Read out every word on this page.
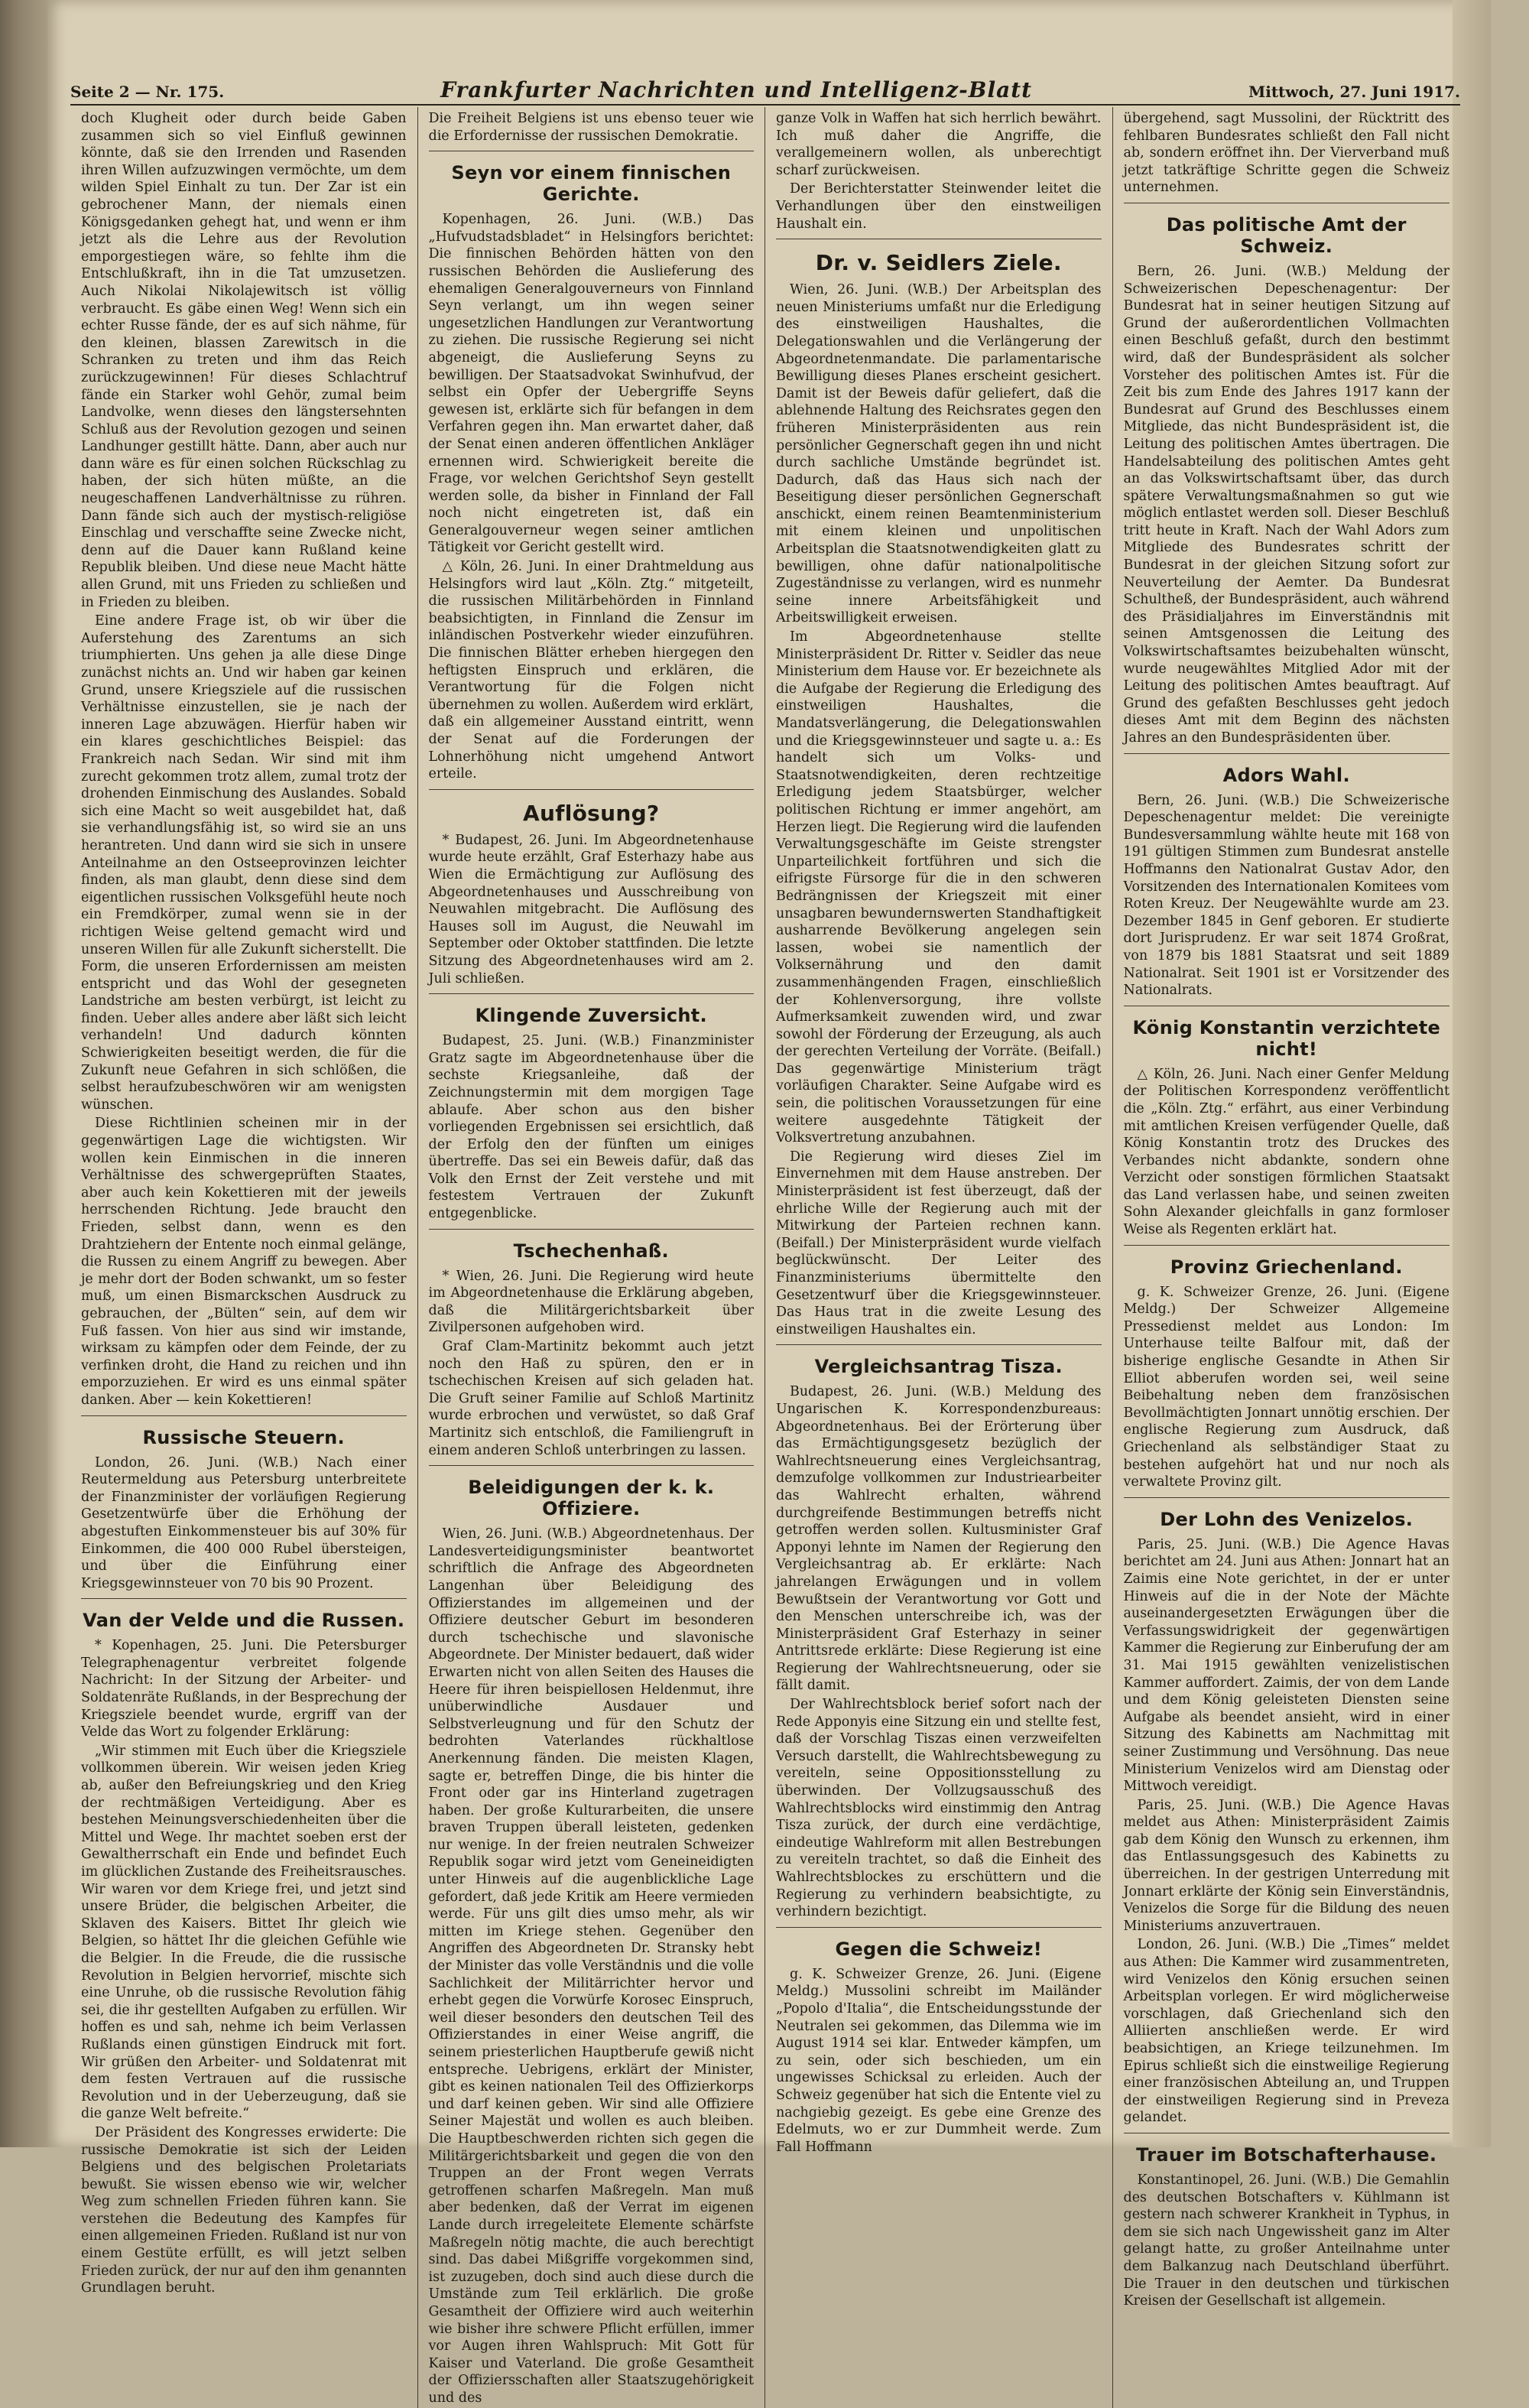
Seite 2 — Nr. 175.	Frankfurter Nachrichten und Intelligenz-Blatt	Mittwoch, 27. Juni 1917.

doch Klugheit oder durch beide Gaben zusammen sich so viel Einfluß gewinnen könnte, daß sie den Irrenden und Rasenden ihren Willen aufzuzwingen vermöchte, um dem wilden Spiel Einhalt zu tun. Der Zar ist ein gebrochener Mann, der niemals einen Königsgedanken gehegt hat, und wenn er ihm jetzt als die Lehre aus der Revolution emporgestiegen wäre, so fehlte ihm die Entschlußkraft, ihn in die Tat umzusetzen. Auch Nikolai Nikolajewitsch ist völlig verbraucht. Es gäbe einen Weg! Wenn sich ein echter Russe fände, der es auf sich nähme, für den kleinen, blassen Zarewitsch in die Schranken zu treten und ihm das Reich zurückzugewinnen! Für dieses Schlachtruf fände ein Starker wohl Gehör, zumal beim Landvolke, wenn dieses den längstersehnten Schluß aus der Revolution gezogen und seinen Landhunger gestillt hätte. Dann, aber auch nur dann wäre es für einen solchen Rückschlag zu haben, der sich hüten müßte, an die neugeschaffenen Landverhältnisse zu rühren. Dann fände sich auch der mystisch-religiöse Einschlag und verschaffte seine Zwecke nicht, denn auf die Dauer kann Rußland keine Republik bleiben. Und diese neue Macht hätte allen Grund, mit uns Frieden zu schließen und in Frieden zu bleiben.

Eine andere Frage ist, ob wir über die Auferstehung des Zarentums an sich triumphierten. Uns gehen ja alle diese Dinge zunächst nichts an. Und wir haben gar keinen Grund, unsere Kriegsziele auf die russischen Verhältnisse einzustellen, sie je nach der inneren Lage abzuwägen. Hierfür haben wir ein klares geschichtliches Beispiel: das Frankreich nach Sedan. Wir sind mit ihm zurecht gekommen trotz allem, zumal trotz der drohenden Einmischung des Auslandes. Sobald sich eine Macht so weit ausgebildet hat, daß sie verhandlungsfähig ist, so wird sie an uns herantreten. Und dann wird sie sich in unsere Anteilnahme an den Ostseeprovinzen leichter finden, als man glaubt, denn diese sind dem eigentlichen russischen Volksgefühl heute noch ein Fremdkörper, zumal wenn sie in der richtigen Weise geltend gemacht wird und unseren Willen für alle Zukunft sicherstellt. Die Form, die unseren Erfordernissen am meisten entspricht und das Wohl der gesegneten Landstriche am besten verbürgt, ist leicht zu finden. Ueber alles andere aber läßt sich leicht verhandeln! Und dadurch könnten Schwierigkeiten beseitigt werden, die für die Zukunft neue Gefahren in sich schlößen, die selbst heraufzubeschwören wir am wenigsten wünschen.

Diese Richtlinien scheinen mir in der gegenwärtigen Lage die wichtigsten. Wir wollen kein Einmischen in die inneren Verhältnisse des schwergeprüften Staates, aber auch kein Kokettieren mit der jeweils herrschenden Richtung. Jede braucht den Frieden, selbst dann, wenn es den Drahtziehern der Entente noch einmal gelänge, die Russen zu einem Angriff zu bewegen. Aber je mehr dort der Boden schwankt, um so fester muß, um einen Bismarckschen Ausdruck zu gebrauchen, der „Bülten“ sein, auf dem wir Fuß fassen. Von hier aus sind wir imstande, wirksam zu kämpfen oder dem Feinde, der zu verfinken droht, die Hand zu reichen und ihn emporzuziehen. Er wird es uns einmal später danken. Aber — kein Kokettieren!

Russische Steuern.

London, 26. Juni. (W.B.) Nach einer Reutermeldung aus Petersburg unterbreitete der Finanzminister der vorläufigen Regierung Gesetzentwürfe über die Erhöhung der abgestuften Einkommensteuer bis auf 30% für Einkommen, die 400 000 Rubel übersteigen, und über die Einführung einer Kriegsgewinnsteuer von 70 bis 90 Prozent.

Van der Velde und die Russen.

* Kopenhagen, 25. Juni. Die Petersburger Telegraphenagentur verbreitet folgende Nachricht: In der Sitzung der Arbeiter- und Soldatenräte Rußlands, in der Besprechung der Kriegsziele beendet wurde, ergriff van der Velde das Wort zu folgender Erklärung:

„Wir stimmen mit Euch über die Kriegsziele vollkommen überein. Wir weisen jeden Krieg ab, außer den Befreiungskrieg und den Krieg der rechtmäßigen Verteidigung. Aber es bestehen Meinungsverschiedenheiten über die Mittel und Wege. Ihr machtet soeben erst der Gewaltherrschaft ein Ende und befindet Euch im glücklichen Zustande des Freiheitsrausches. Wir waren vor dem Kriege frei, und jetzt sind unsere Brüder, die belgischen Arbeiter, die Sklaven des Kaisers. Bittet Ihr gleich wie Belgien, so hättet Ihr die gleichen Gefühle wie die Belgier. In die Freude, die die russische Revolution in Belgien hervorrief, mischte sich eine Unruhe, ob die russische Revolution fähig sei, die ihr gestellten Aufgaben zu erfüllen. Wir hoffen es und sah, nehme ich beim Verlassen Rußlands einen günstigen Eindruck mit fort. Wir grüßen den Arbeiter- und Soldatenrat mit dem festen Vertrauen auf die russische Revolution und in der Ueberzeugung, daß sie die ganze Welt befreite.“

Der Präsident des Kongresses erwiderte: Die russische Demokratie ist sich der Leiden Belgiens und des belgischen Proletariats bewußt. Sie wissen ebenso wie wir, welcher Weg zum schnellen Frieden führen kann. Sie verstehen die Bedeutung des Kampfes für einen allgemeinen Frieden. Rußland ist nur von einem Gestüte erfüllt, es will jetzt selben Frieden zurück, der nur auf den ihm genannten Grundlagen beruht.

Die Freiheit Belgiens ist uns ebenso teuer wie die Erfordernisse der russischen Demokratie.

Seyn vor einem finnischen Gerichte.

Kopenhagen, 26. Juni. (W.B.) Das „Hufvudstadsbladet“ in Helsingfors berichtet: Die finnischen Behörden hätten von den russischen Behörden die Auslieferung des ehemaligen Generalgouverneurs von Finnland Seyn verlangt, um ihn wegen seiner ungesetzlichen Handlungen zur Verantwortung zu ziehen. Die russische Regierung sei nicht abgeneigt, die Auslieferung Seyns zu bewilligen. Der Staatsadvokat Swinhufvud, der selbst ein Opfer der Uebergriffe Seyns gewesen ist, erklärte sich für befangen in dem Verfahren gegen ihn. Man erwartet daher, daß der Senat einen anderen öffentlichen Ankläger ernennen wird. Schwierigkeit bereite die Frage, vor welchen Gerichtshof Seyn gestellt werden solle, da bisher in Finnland der Fall noch nicht eingetreten ist, daß ein Generalgouverneur wegen seiner amtlichen Tätigkeit vor Gericht gestellt wird.

△ Köln, 26. Juni. In einer Drahtmeldung aus Helsingfors wird laut „Köln. Ztg.“ mitgeteilt, die russischen Militärbehörden in Finnland beabsichtigten, in Finnland die Zensur im inländischen Postverkehr wieder einzuführen. Die finnischen Blätter erheben hiergegen den heftigsten Einspruch und erklären, die Verantwortung für die Folgen nicht übernehmen zu wollen. Außerdem wird erklärt, daß ein allgemeiner Ausstand eintritt, wenn der Senat auf die Forderungen der Lohnerhöhung nicht umgehend Antwort erteile.

Auflösung?

* Budapest, 26. Juni. Im Abgeordnetenhause wurde heute erzählt, Graf Esterhazy habe aus Wien die Ermächtigung zur Auflösung des Abgeordnetenhauses und Ausschreibung von Neuwahlen mitgebracht. Die Auflösung des Hauses soll im August, die Neuwahl im September oder Oktober stattfinden. Die letzte Sitzung des Abgeordnetenhauses wird am 2. Juli schließen.

Klingende Zuversicht.

Budapest, 25. Juni. (W.B.) Finanzminister Gratz sagte im Abgeordnetenhause über die sechste Kriegsanleihe, daß der Zeichnungstermin mit dem morgigen Tage ablaufe. Aber schon aus den bisher vorliegenden Ergebnissen sei ersichtlich, daß der Erfolg den der fünften um einiges übertreffe. Das sei ein Beweis dafür, daß das Volk den Ernst der Zeit verstehe und mit festestem Vertrauen der Zukunft entgegenblicke.

Tschechenhaß.

* Wien, 26. Juni. Die Regierung wird heute im Abgeordnetenhause die Erklärung abgeben, daß die Militärgerichtsbarkeit über Zivilpersonen aufgehoben wird.

Graf Clam-Martinitz bekommt auch jetzt noch den Haß zu spüren, den er in tschechischen Kreisen auf sich geladen hat. Die Gruft seiner Familie auf Schloß Martinitz wurde erbrochen und verwüstet, so daß Graf Martinitz sich entschloß, die Familiengruft in einem anderen Schloß unterbringen zu lassen.

Beleidigungen der k. k. Offiziere.

Wien, 26. Juni. (W.B.) Abgeordnetenhaus. Der Landesverteidigungsminister beantwortet schriftlich die Anfrage des Abgeordneten Langenhan über Beleidigung des Offizierstandes im allgemeinen und der Offiziere deutscher Geburt im besonderen durch tschechische und slavonische Abgeordnete. Der Minister bedauert, daß wider Erwarten nicht von allen Seiten des Hauses die Heere für ihren beispiellosen Heldenmut, ihre unüberwindliche Ausdauer und Selbstverleugnung und für den Schutz der bedrohten Vaterlandes rückhaltlose Anerkennung fänden. Die meisten Klagen, sagte er, betreffen Dinge, die bis hinter die Front oder gar ins Hinterland zugetragen haben. Der große Kulturarbeiten, die unsere braven Truppen überall leisteten, gedenken nur wenige. In der freien neutralen Schweizer Republik sogar wird jetzt vom Geneineidigten unter Hinweis auf die augenblickliche Lage gefordert, daß jede Kritik am Heere vermieden werde. Für uns gilt dies umso mehr, als wir mitten im Kriege stehen. Gegenüber den Angriffen des Abgeordneten Dr. Stransky hebt der Minister das volle Verständnis und die volle Sachlichkeit der Militärrichter hervor und erhebt gegen die Vorwürfe Korosec Einspruch, weil dieser besonders den deutschen Teil des Offizierstandes in einer Weise angriff, die seinem priesterlichen Hauptberufe gewiß nicht entspreche. Uebrigens, erklärt der Minister, gibt es keinen nationalen Teil des Offizierkorps und darf keinen geben. Wir sind alle Offiziere Seiner Majestät und wollen es auch bleiben. Die Hauptbeschwerden richten sich gegen die Militärgerichtsbarkeit und gegen die von den Truppen an der Front wegen Verrats getroffenen scharfen Maßregeln. Man muß aber bedenken, daß der Verrat im eigenen Lande durch irregeleitete Elemente schärfste Maßregeln nötig machte, die auch berechtigt sind. Das dabei Mißgriffe vorgekommen sind, ist zuzugeben, doch sind auch diese durch die Umstände zum Teil erklärlich. Die große Gesamtheit der Offiziere wird auch weiterhin wie bisher ihre schwere Pflicht erfüllen, immer vor Augen ihren Wahlspruch: Mit Gott für Kaiser und Vaterland. Die große Gesamtheit der Offiziersschaften aller Staatszugehörigkeit und des

ganze Volk in Waffen hat sich herrlich bewährt. Ich muß daher die Angriffe, die verallgemeinern wollen, als unberechtigt scharf zurückweisen.

Der Berichterstatter Steinwender leitet die Verhandlungen über den einstweiligen Haushalt ein.

Dr. v. Seidlers Ziele.

Wien, 26. Juni. (W.B.) Der Arbeitsplan des neuen Ministeriums umfaßt nur die Erledigung des einstweiligen Haushaltes, die Delegationswahlen und die Verlängerung der Abgeordnetenmandate. Die parlamentarische Bewilligung dieses Planes erscheint gesichert. Damit ist der Beweis dafür geliefert, daß die ablehnende Haltung des Reichsrates gegen den früheren Ministerpräsidenten aus rein persönlicher Gegnerschaft gegen ihn und nicht durch sachliche Umstände begründet ist. Dadurch, daß das Haus sich nach der Beseitigung dieser persönlichen Gegnerschaft anschickt, einem reinen Beamtenministerium mit einem kleinen und unpolitischen Arbeitsplan die Staatsnotwendigkeiten glatt zu bewilligen, ohne dafür nationalpolitische Zugeständnisse zu verlangen, wird es nunmehr seine innere Arbeitsfähigkeit und Arbeitswilligkeit erweisen.

Im Abgeordnetenhause stellte Ministerpräsident Dr. Ritter v. Seidler das neue Ministerium dem Hause vor. Er bezeichnete als die Aufgabe der Regierung die Erledigung des einstweiligen Haushaltes, die Mandatsverlängerung, die Delegationswahlen und die Kriegsgewinnsteuer und sagte u. a.: Es handelt sich um Volks- und Staatsnotwendigkeiten, deren rechtzeitige Erledigung jedem Staatsbürger, welcher politischen Richtung er immer angehört, am Herzen liegt. Die Regierung wird die laufenden Verwaltungsgeschäfte im Geiste strengster Unparteilichkeit fortführen und sich die eifrigste Fürsorge für die in den schweren Bedrängnissen der Kriegszeit mit einer unsagbaren bewundernswerten Standhaftigkeit ausharrende Bevölkerung angelegen sein lassen, wobei sie namentlich der Volksernährung und den damit zusammenhängenden Fragen, einschließlich der Kohlenversorgung, ihre vollste Aufmerksamkeit zuwenden wird, und zwar sowohl der Förderung der Erzeugung, als auch der gerechten Verteilung der Vorräte. (Beifall.) Das gegenwärtige Ministerium trägt vorläufigen Charakter. Seine Aufgabe wird es sein, die politischen Voraussetzungen für eine weitere ausgedehnte Tätigkeit der Volksvertretung anzubahnen.

Die Regierung wird dieses Ziel im Einvernehmen mit dem Hause anstreben. Der Ministerpräsident ist fest überzeugt, daß der ehrliche Wille der Regierung auch mit der Mitwirkung der Parteien rechnen kann. (Beifall.) Der Ministerpräsident wurde vielfach beglückwünscht. Der Leiter des Finanzministeriums übermittelte den Gesetzentwurf über die Kriegsgewinnsteuer. Das Haus trat in die zweite Lesung des einstweiligen Haushaltes ein.

Vergleichsantrag Tisza.

Budapest, 26. Juni. (W.B.) Meldung des Ungarischen K. Korrespondenzbureaus: Abgeordnetenhaus. Bei der Erörterung über das Ermächtigungsgesetz bezüglich der Wahlrechtsneuerung eines Vergleichsantrag, demzufolge vollkommen zur Industriearbeiter das Wahlrecht erhalten, während durchgreifende Bestimmungen betreffs nicht getroffen werden sollen. Kultusminister Graf Apponyi lehnte im Namen der Regierung den Vergleichsantrag ab. Er erklärte: Nach jahrelangen Erwägungen und in vollem Bewußtsein der Verantwortung vor Gott und den Menschen unterschreibe ich, was der Ministerpräsident Graf Esterhazy in seiner Antrittsrede erklärte: Diese Regierung ist eine Regierung der Wahlrechtsneuerung, oder sie fällt damit.

Der Wahlrechtsblock berief sofort nach der Rede Apponyis eine Sitzung ein und stellte fest, daß der Vorschlag Tiszas einen verzweifelten Versuch darstellt, die Wahlrechtsbewegung zu vereiteln, seine Oppositionsstellung zu überwinden. Der Vollzugsausschuß des Wahlrechtsblocks wird einstimmig den Antrag Tisza zurück, der durch eine verdächtige, eindeutige Wahlreform mit allen Bestrebungen zu vereiteln trachtet, so daß die Einheit des Wahlrechtsblockes zu erschüttern und die Regierung zu verhindern beabsichtigte, zu verhindern bezichtigt.

Gegen die Schweiz!

g. K. Schweizer Grenze, 26. Juni. (Eigene Meldg.) Mussolini schreibt im Mailänder „Popolo d'Italia“, die Entscheidungsstunde der Neutralen sei gekommen, das Dilemma wie im August 1914 sei klar. Entweder kämpfen, um zu sein, oder sich beschieden, um ein ungewisses Schicksal zu erleiden. Auch der Schweiz gegenüber hat sich die Entente viel zu nachgiebig gezeigt. Es gebe eine Grenze des Edelmuts, wo er zur Dummheit werde. Zum Fall Hoffmann

übergehend, sagt Mussolini, der Rücktritt des fehlbaren Bundesrates schließt den Fall nicht ab, sondern eröffnet ihn. Der Vierverband muß jetzt tatkräftige Schritte gegen die Schweiz unternehmen.

Das politische Amt der Schweiz.

Bern, 26. Juni. (W.B.) Meldung der Schweizerischen Depeschenagentur: Der Bundesrat hat in seiner heutigen Sitzung auf Grund der außerordentlichen Vollmachten einen Beschluß gefaßt, durch den bestimmt wird, daß der Bundespräsident als solcher Vorsteher des politischen Amtes ist. Für die Zeit bis zum Ende des Jahres 1917 kann der Bundesrat auf Grund des Beschlusses einem Mitgliede, das nicht Bundespräsident ist, die Leitung des politischen Amtes übertragen. Die Handelsabteilung des politischen Amtes geht an das Volkswirtschaftsamt über, das durch spätere Verwaltungsmaßnahmen so gut wie möglich entlastet werden soll. Dieser Beschluß tritt heute in Kraft. Nach der Wahl Adors zum Mitgliede des Bundesrates schritt der Bundesrat in der gleichen Sitzung sofort zur Neuverteilung der Aemter. Da Bundesrat Schultheß, der Bundespräsident, auch während des Präsidialjahres im Einverständnis mit seinen Amtsgenossen die Leitung des Volkswirtschaftsamtes beizubehalten wünscht, wurde neugewähltes Mitglied Ador mit der Leitung des politischen Amtes beauftragt. Auf Grund des gefaßten Beschlusses geht jedoch dieses Amt mit dem Beginn des nächsten Jahres an den Bundespräsidenten über.

Adors Wahl.

Bern, 26. Juni. (W.B.) Die Schweizerische Depeschenagentur meldet: Die vereinigte Bundesversammlung wählte heute mit 168 von 191 gültigen Stimmen zum Bundesrat anstelle Hoffmanns den Nationalrat Gustav Ador, den Vorsitzenden des Internationalen Komitees vom Roten Kreuz. Der Neugewählte wurde am 23. Dezember 1845 in Genf geboren. Er studierte dort Jurisprudenz. Er war seit 1874 Großrat, von 1879 bis 1881 Staatsrat und seit 1889 Nationalrat. Seit 1901 ist er Vorsitzender des Nationalrats.

König Konstantin verzichtete nicht!

△ Köln, 26. Juni. Nach einer Genfer Meldung der Politischen Korrespondenz veröffentlicht die „Köln. Ztg.“ erfährt, aus einer Verbindung mit amtlichen Kreisen verfügender Quelle, daß König Konstantin trotz des Druckes des Verbandes nicht abdankte, sondern ohne Verzicht oder sonstigen förmlichen Staatsakt das Land verlassen habe, und seinen zweiten Sohn Alexander gleichfalls in ganz formloser Weise als Regenten erklärt hat.

Provinz Griechenland.

g. K. Schweizer Grenze, 26. Juni. (Eigene Meldg.) Der Schweizer Allgemeine Pressedienst meldet aus London: Im Unterhause teilte Balfour mit, daß der bisherige englische Gesandte in Athen Sir Elliot abberufen worden sei, weil seine Beibehaltung neben dem französischen Bevollmächtigten Jonnart unnötig erschien. Der englische Regierung zum Ausdruck, daß Griechenland als selbständiger Staat zu bestehen aufgehört hat und nur noch als verwaltete Provinz gilt.

Der Lohn des Venizelos.

Paris, 25. Juni. (W.B.) Die Agence Havas berichtet am 24. Juni aus Athen: Jonnart hat an Zaimis eine Note gerichtet, in der er unter Hinweis auf die in der Note der Mächte auseinandergesetzten Erwägungen über die Verfassungswidrigkeit der gegenwärtigen Kammer die Regierung zur Einberufung der am 31. Mai 1915 gewählten venizelistischen Kammer auffordert. Zaimis, der von dem Lande und dem König geleisteten Diensten seine Aufgabe als beendet ansieht, wird in einer Sitzung des Kabinetts am Nachmittag mit seiner Zustimmung und Versöhnung. Das neue Ministerium Venizelos wird am Dienstag oder Mittwoch vereidigt.

Paris, 25. Juni. (W.B.) Die Agence Havas meldet aus Athen: Ministerpräsident Zaimis gab dem König den Wunsch zu erkennen, ihm das Entlassungsgesuch des Kabinetts zu überreichen. In der gestrigen Unterredung mit Jonnart erklärte der König sein Einverständnis, Venizelos die Sorge für die Bildung des neuen Ministeriums anzuvertrauen.

London, 26. Juni. (W.B.) Die „Times“ meldet aus Athen: Die Kammer wird zusammentreten, wird Venizelos den König ersuchen seinen Arbeitsplan vorlegen. Er wird möglicherweise vorschlagen, daß Griechenland sich den Alliierten anschließen werde. Er wird beabsichtigen, an Kriege teilzunehmen. Im Epirus schließt sich die einstweilige Regierung einer französischen Abteilung an, und Truppen der einstweiligen Regierung sind in Preveza gelandet.

Trauer im Botschafterhause.

Konstantinopel, 26. Juni. (W.B.) Die Gemahlin des deutschen Botschafters v. Kühlmann ist gestern nach schwerer Krankheit in Typhus, in dem sie sich nach Ungewissheit ganz im Alter gelangt hatte, zu großer Anteilnahme unter dem Balkanzug nach Deutschland überführt. Die Trauer in den deutschen und türkischen Kreisen der Gesellschaft ist allgemein.
